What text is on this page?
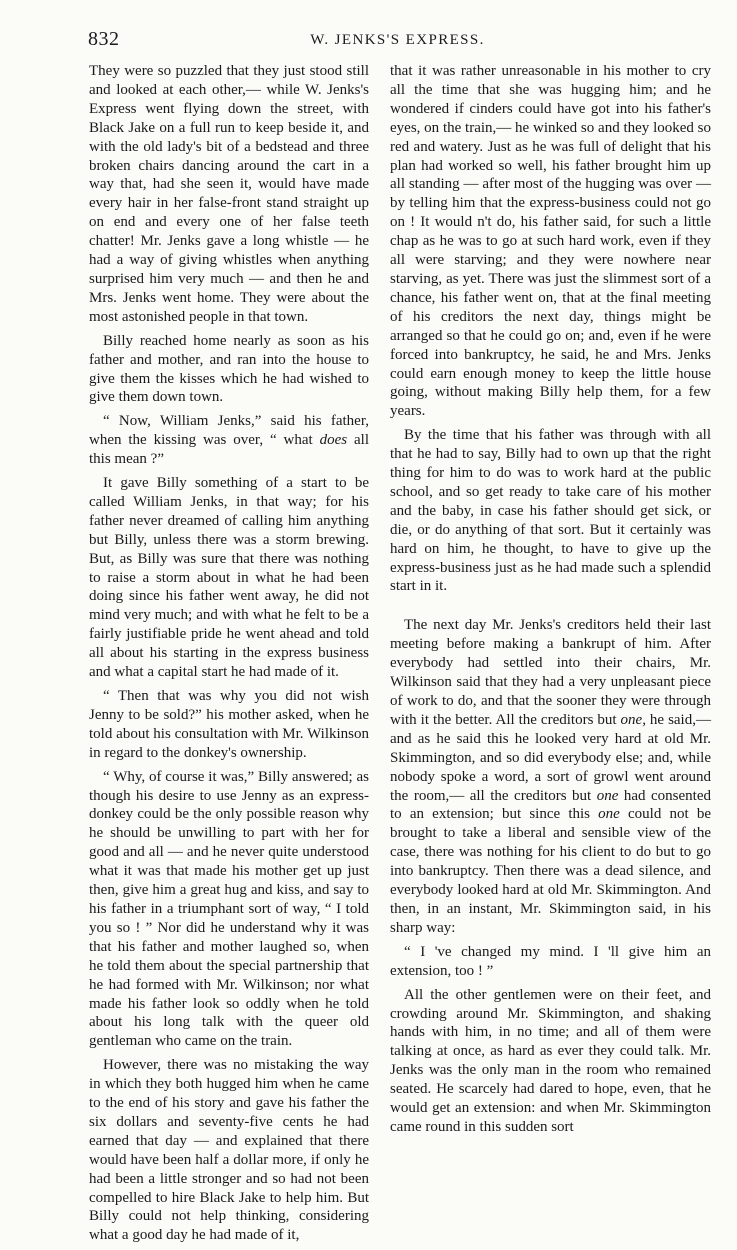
832	W. JENKS'S EXPRESS.

They were so puzzled that they just stood still and looked at each other,— while W. Jenks's Express went flying down the street, with Black Jake on a full run to keep beside it, and with the old lady's bit of a bedstead and three broken chairs dancing around the cart in a way that, had she seen it, would have made every hair in her false-front stand straight up on end and every one of her false teeth chatter! Mr. Jenks gave a long whistle — he had a way of giving whistles when anything surprised him very much — and then he and Mrs. Jenks went home. They were about the most astonished people in that town.

Billy reached home nearly as soon as his father and mother, and ran into the house to give them the kisses which he had wished to give them down town.

“ Now, William Jenks,” said his father, when the kissing was over, “ what does all this mean ?”

It gave Billy something of a start to be called William Jenks, in that way; for his father never dreamed of calling him anything but Billy, unless there was a storm brewing. But, as Billy was sure that there was nothing to raise a storm about in what he had been doing since his father went away, he did not mind very much; and with what he felt to be a fairly justifiable pride he went ahead and told all about his starting in the express business and what a capital start he had made of it.

“ Then that was why you did not wish Jenny to be sold?” his mother asked, when he told about his consultation with Mr. Wilkinson in regard to the donkey's ownership.

“ Why, of course it was,” Billy answered; as though his desire to use Jenny as an express-donkey could be the only possible reason why he should be unwilling to part with her for good and all — and he never quite understood what it was that made his mother get up just then, give him a great hug and kiss, and say to his father in a triumphant sort of way, “ I told you so ! ” Nor did he understand why it was that his father and mother laughed so, when he told them about the special partnership that he had formed with Mr. Wilkinson; nor what made his father look so oddly when he told about his long talk with the queer old gentleman who came on the train.

However, there was no mistaking the way in which they both hugged him when he came to the end of his story and gave his father the six dollars and seventy-five cents he had earned that day — and explained that there would have been half a dollar more, if only he had been a little stronger and so had not been compelled to hire Black Jake to help him. But Billy could not help thinking, considering what a good day he had made of it,

that it was rather unreasonable in his mother to cry all the time that she was hugging him; and he wondered if cinders could have got into his father's eyes, on the train,— he winked so and they looked so red and watery. Just as he was full of delight that his plan had worked so well, his father brought him up all standing — after most of the hugging was over — by telling him that the express-business could not go on ! It would n't do, his father said, for such a little chap as he was to go at such hard work, even if they all were starving; and they were nowhere near starving, as yet. There was just the slimmest sort of a chance, his father went on, that at the final meeting of his creditors the next day, things might be arranged so that he could go on; and, even if he were forced into bankruptcy, he said, he and Mrs. Jenks could earn enough money to keep the little house going, without making Billy help them, for a few years.

By the time that his father was through with all that he had to say, Billy had to own up that the right thing for him to do was to work hard at the public school, and so get ready to take care of his mother and the baby, in case his father should get sick, or die, or do anything of that sort. But it certainly was hard on him, he thought, to have to give up the express-business just as he had made such a splendid start in it.

The next day Mr. Jenks's creditors held their last meeting before making a bankrupt of him. After everybody had settled into their chairs, Mr. Wilkinson said that they had a very unpleasant piece of work to do, and that the sooner they were through with it the better. All the creditors but one, he said,— and as he said this he looked very hard at old Mr. Skimmington, and so did everybody else; and, while nobody spoke a word, a sort of growl went around the room,— all the creditors but one had consented to an extension; but since this one could not be brought to take a liberal and sensible view of the case, there was nothing for his client to do but to go into bankruptcy. Then there was a dead silence, and everybody looked hard at old Mr. Skimmington. And then, in an instant, Mr. Skimmington said, in his sharp way:

“ I 've changed my mind. I 'll give him an extension, too ! ”

All the other gentlemen were on their feet, and crowding around Mr. Skimmington, and shaking hands with him, in no time; and all of them were talking at once, as hard as ever they could talk. Mr. Jenks was the only man in the room who remained seated. He scarcely had dared to hope, even, that he would get an extension: and when Mr. Skimmington came round in this sudden sort
